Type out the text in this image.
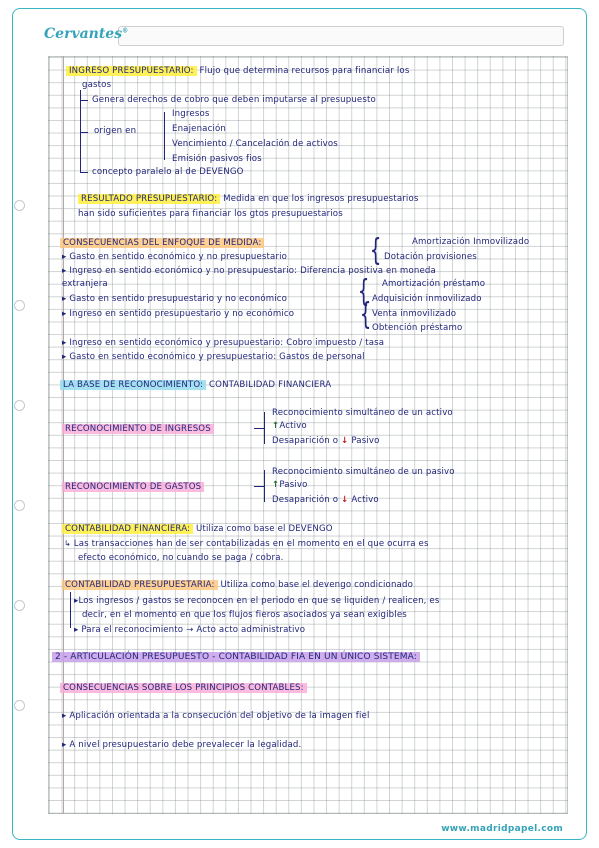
Cervantes®
INGRESO PRESUPUESTARIO: Flujo que determina recursos para financiar los
gastos
Genera derechos de cobro que deben imputarse al presupuesto
origen en
Ingresos
Enajenación
Vencimiento / Cancelación de activos
Emisión pasivos fios
concepto paralelo al de DEVENGO
RESULTADO PRESUPUESTARIO: Medida en que los ingresos presupuestarios
han sido suficientes para financiar los gtos presupuestarios
CONSECUENCIAS DEL ENFOQUE DE MEDIDA:	Amortización Inmovilizado
▸ Gasto en sentido económico y no presupuestario	{ Dotación provisiones
▸ Ingreso en sentido económico y no presupuestario: Diferencia positiva en moneda
extranjera	Amortización préstamo
▸ Gasto en sentido presupuestario y no económico { Adquisición inmovilizado
▸ Ingreso en sentido presupuestario y no económico { Venta inmovilizado
Obtención préstamo
▸ Ingreso en sentido económico y presupuestario: Cobro impuesto / tasa
▸ Gasto en sentido económico y presupuestario: Gastos de personal
LA BASE DE RECONOCIMIENTO: CONTABILIDAD FINANCIERA
RECONOCIMIENTO DE INGRESOS
Reconocimiento simultáneo de un activo
↑Activo
Desaparición o ↓ Pasivo
RECONOCIMIENTO DE GASTOS
Reconocimiento simultáneo de un pasivo
↑Pasivo
Desaparición o ↓ Activo
CONTABILIDAD FINANCIERA: Utiliza como base el DEVENGO
↳ Las transacciones han de ser contabilizadas en el momento en el que ocurra es
efecto económico, no cuando se paga / cobra.
CONTABILIDAD PRESUPUESTARIA: Utiliza como base el devengo condicionado
▸Los ingresos / gastos se reconocen en el periodo en que se liquiden / realicen, es
decir, en el momento en que los flujos fieros asociados ya sean exigibles
▸ Para el reconocimiento → Acto acto administrativo
2 - ARTICULACIÓN PRESUPUESTO - CONTABILIDAD FIA EN UN ÚNICO SISTEMA:
CONSECUENCIAS SOBRE LOS PRINCIPIOS CONTABLES:
▸ Aplicación orientada a la consecución del objetivo de la imagen fiel
▸ A nivel presupuestario debe prevalecer la legalidad.
www.madridpapel.com
